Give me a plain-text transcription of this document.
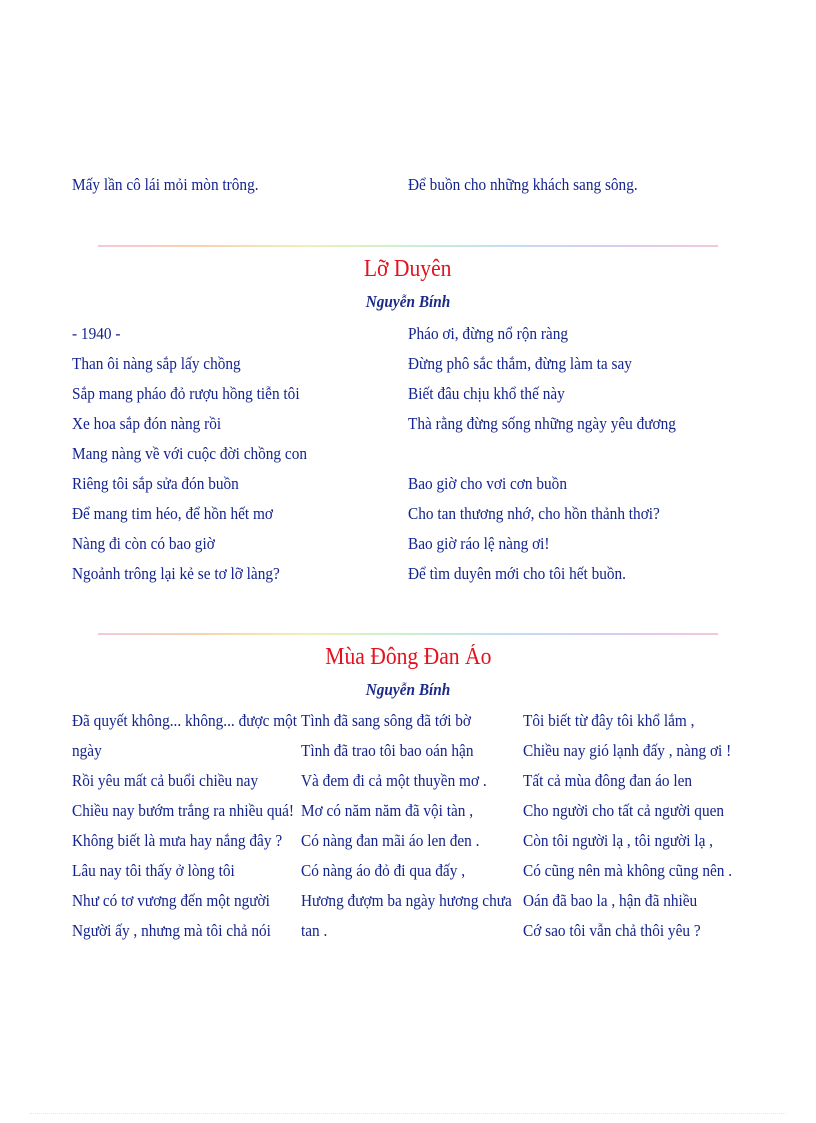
Mấy lần cô lái mỏi mòn trông.	Để buồn cho những khách sang sông.
Lỡ Duyên
Nguyễn Bính
- 1940 -
Than ôi nàng sắp lấy chồng
Sắp mang pháo đỏ rượu hồng tiễn tôi
Xe hoa sắp đón nàng rồi
Mang nàng về với cuộc đời chồng con
Riêng tôi sắp sửa đón buồn
Để mang tim héo, để hồn hết mơ
Nàng đi còn có bao giờ
Ngoảnh trông lại kẻ se tơ lỡ làng?
Pháo ơi, đừng nổ rộn ràng
Đừng phô sắc thắm, đừng làm ta say
Biết đâu chịu khổ thế này
Thà rằng đừng sống những ngày yêu đương
Bao giờ cho vơi cơn buồn
Cho tan thương nhớ, cho hồn thảnh thơi?
Bao giờ ráo lệ nàng ơi!
Để tìm duyên mới cho tôi hết buồn.
Mùa Đông Đan Áo
Nguyễn Bính
Đã quyết không... không... được một
ngày
Rồi yêu mất cả buổi chiều nay
Chiều nay bướm trắng ra nhiều quá!
Không biết là mưa hay nắng đây ?
Lâu nay tôi thấy ở lòng tôi
Như có tơ vương đến một người
Người ấy , nhưng mà tôi chả nói
Tình đã sang sông đã tới bờ
Tình đã trao tôi bao oán hận
Và đem đi cả một thuyền mơ .
Mơ có năm năm đã vội tàn ,
Có nàng đan mãi áo len đen .
Có nàng áo đỏ đi qua đấy ,
Hương đượm ba ngày hương chưa
tan .
Tôi biết từ đây tôi khổ lắm ,
Chiều nay gió lạnh đấy , nàng ơi !
Tất cả mùa đông đan áo len
Cho người cho tất cả người quen
Còn tôi người lạ , tôi người lạ ,
Có cũng nên mà không cũng nên .
Oán đã bao la , hận đã nhiều
Cớ sao tôi vẫn chả thôi yêu ?
